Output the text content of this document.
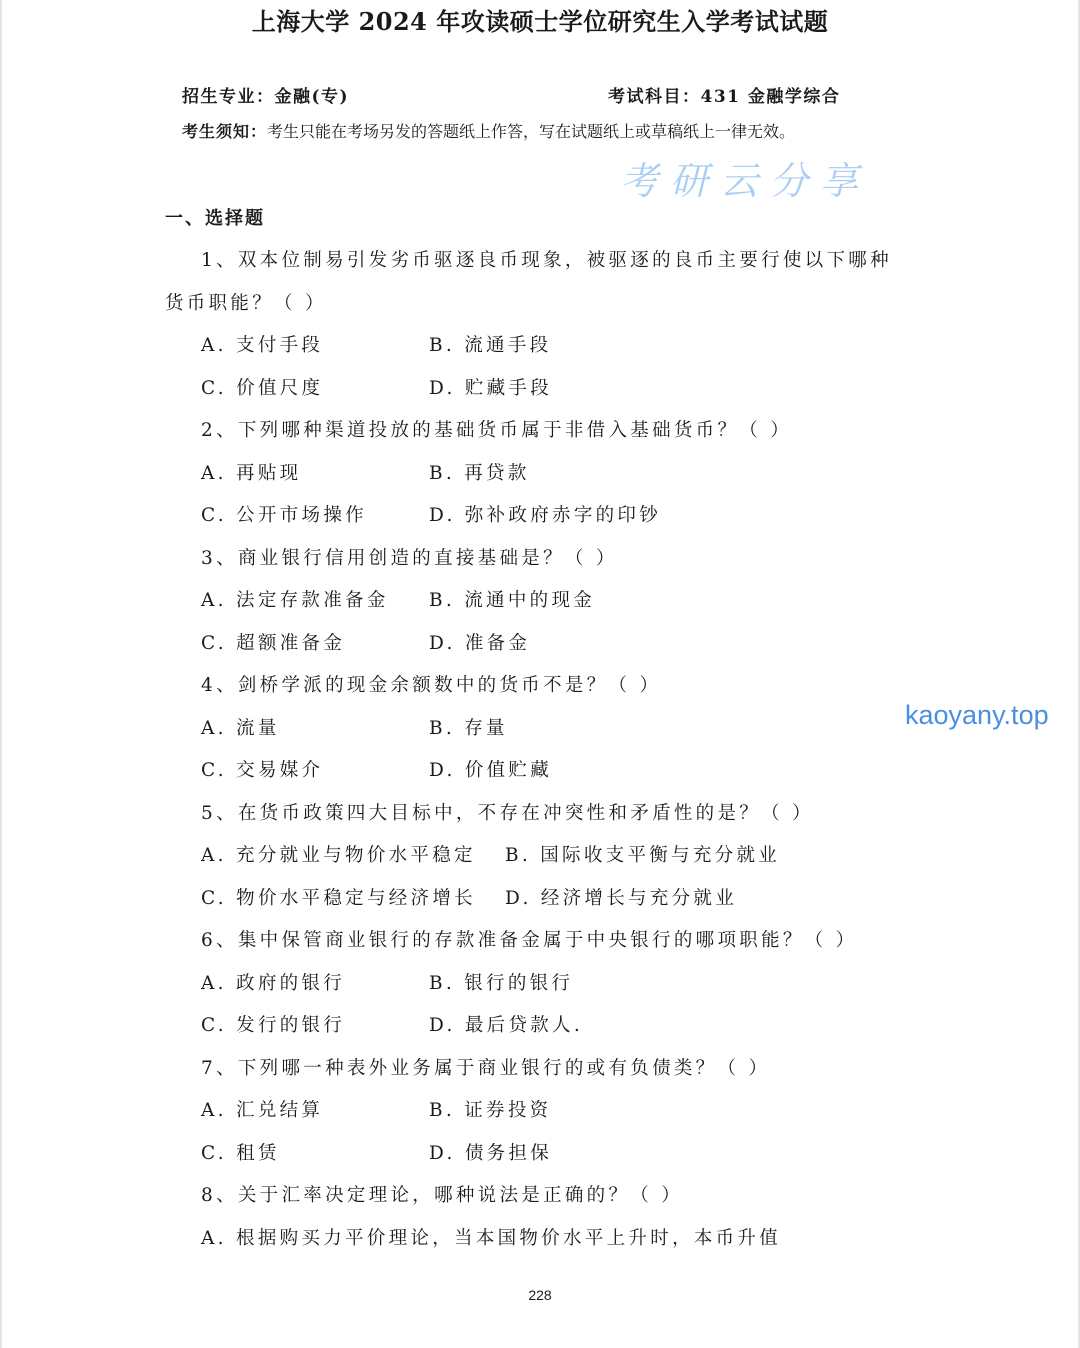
上海大学 2024 年攻读硕士学位研究生入学考试试题
招生专业：金融(专)	考试科目：431 金融学综合
考生须知：考生只能在考场另发的答题纸上作答，写在试题纸上或草稿纸上一律无效。
一、选择题
1、双本位制易引发劣币驱逐良币现象，被驱逐的良币主要行使以下哪种
货币职能？（ ）
A. 支付手段	B. 流通手段
C. 价值尺度	D. 贮藏手段
2、下列哪种渠道投放的基础货币属于非借入基础货币？（ ）
A. 再贴现	B. 再贷款
C. 公开市场操作	D. 弥补政府赤字的印钞
3、商业银行信用创造的直接基础是？（ ）
A. 法定存款准备金 B. 流通中的现金
C. 超额准备金	D. 准备金
4、剑桥学派的现金余额数中的货币不是？（ ）
A. 流量	B. 存量
C. 交易媒介	D. 价值贮藏
5、在货币政策四大目标中，不存在冲突性和矛盾性的是？（ ）
A. 充分就业与物价水平稳定 B. 国际收支平衡与充分就业
C. 物价水平稳定与经济增长 D. 经济增长与充分就业
6、集中保管商业银行的存款准备金属于中央银行的哪项职能？（ ）
A. 政府的银行	B. 银行的银行
C. 发行的银行	D. 最后贷款人.
7、下列哪一种表外业务属于商业银行的或有负债类？（ ）
A. 汇兑结算	B. 证券投资
C. 租赁	D. 债务担保
8、关于汇率决定理论，哪种说法是正确的？（ ）
A. 根据购买力平价理论，当本国物价水平上升时，本币升值
考研云分享
kaoyany.top
228
